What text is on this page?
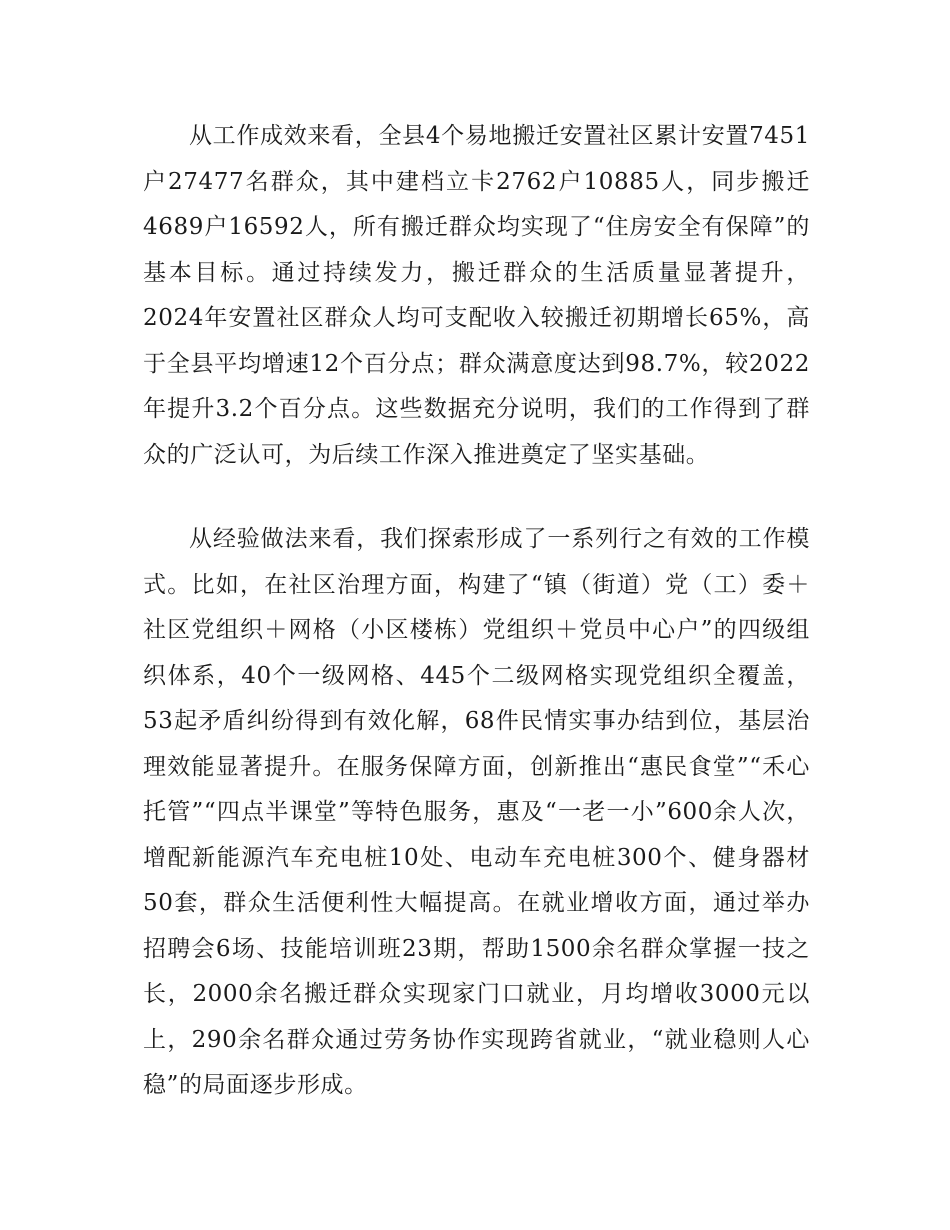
从工作成效来看，全县4个易地搬迁安置社区累计安置7451户27477名群众，其中建档立卡2762户10885人，同步搬迁4689户16592人，所有搬迁群众均实现了“住房安全有保障”的基本目标。通过持续发力，搬迁群众的生活质量显著提升，2024年安置社区群众人均可支配收入较搬迁初期增长65%，高于全县平均增速12个百分点；群众满意度达到98.7%，较2022年提升3.2个百分点。这些数据充分说明，我们的工作得到了群众的广泛认可，为后续工作深入推进奠定了坚实基础。

从经验做法来看，我们探索形成了一系列行之有效的工作模式。比如，在社区治理方面，构建了“镇（街道）党（工）委＋社区党组织＋网格（小区楼栋）党组织＋党员中心户”的四级组织体系，40个一级网格、445个二级网格实现党组织全覆盖，53起矛盾纠纷得到有效化解，68件民情实事办结到位，基层治理效能显著提升。在服务保障方面，创新推出“惠民食堂”“禾心托管”“四点半课堂”等特色服务，惠及“一老一小”600余人次，增配新能源汽车充电桩10处、电动车充电桩300个、健身器材50套，群众生活便利性大幅提高。在就业增收方面，通过举办招聘会6场、技能培训班23期，帮助1500余名群众掌握一技之长，2000余名搬迁群众实现家门口就业，月均增收3000元以上，290余名群众通过劳务协作实现跨省就业，“就业稳则人心稳”的局面逐步形成。
